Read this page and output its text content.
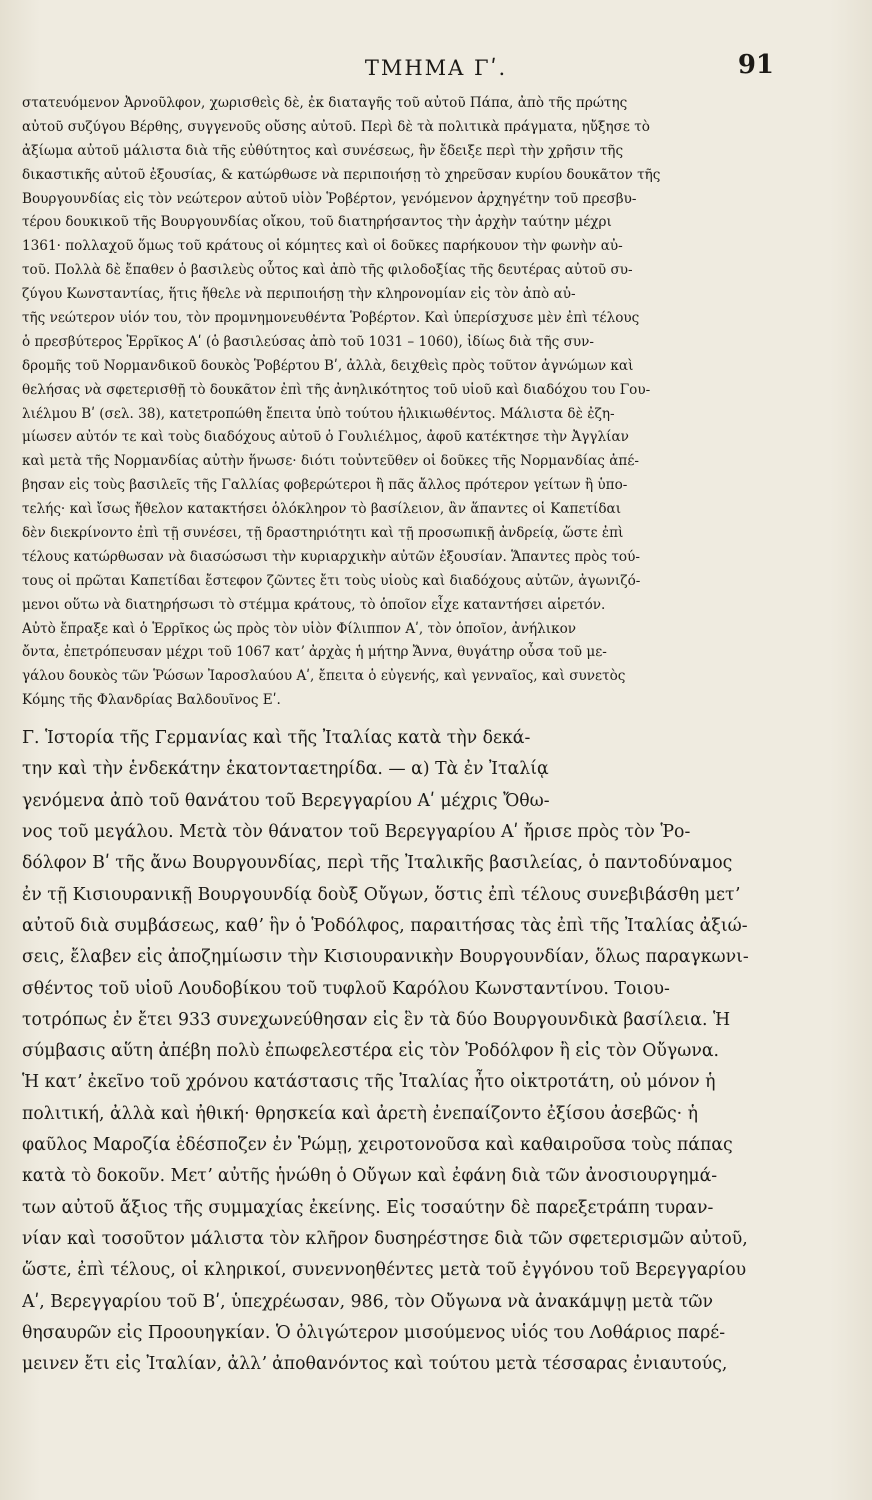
ΤΜΗΜΑ Γʹ.	91
στατευόμενον Ἀρνοῦλφον, χωρισθεὶς δὲ, ἐκ διαταγῆς τοῦ αὐτοῦ Πάπα, ἀπὸ τῆς πρώτης
αὐτοῦ συζύγου Βέρθης, συγγενοῦς οὔσης αὐτοῦ. Περὶ δὲ τὰ πολιτικὰ πράγματα, ηὔξησε τὸ
ἀξίωμα αὐτοῦ μάλιστα διὰ τῆς εὐθύτητος καὶ συνέσεως, ἣν ἔδειξε περὶ τὴν χρῆσιν τῆς
δικαστικῆς αὐτοῦ ἐξουσίας, & κατώρθωσε νὰ περιποιήσῃ τὸ χηρεῦσαν κυρίου δουκᾶτον τῆς
Βουργουνδίας εἰς τὸν νεώτερον αὐτοῦ υἱὸν Ῥοβέρτον, γενόμενον ἀρχηγέτην τοῦ πρεσβυ-
τέρου δουκικοῦ τῆς Βουργουνδίας οἴκου, τοῦ διατηρήσαντος τὴν ἀρχὴν ταύτην μέχρι
1361· πολλαχοῦ ὅμως τοῦ κράτους οἱ κόμητες καὶ οἱ δοῦκες παρήκουον τὴν φωνὴν αὐ-
τοῦ. Πολλὰ δὲ ἔπαθεν ὁ βασιλεὺς οὗτος καὶ ἀπὸ τῆς φιλοδοξίας τῆς δευτέρας αὐτοῦ συ-
ζύγου Κωνσταντίας, ἥτις ἤθελε νὰ περιποιήσῃ τὴν κληρονομίαν εἰς τὸν ἀπὸ αὐ-
τῆς νεώτερον υἱόν του, τὸν προμνημονευθέντα Ῥοβέρτον. Καὶ ὑπερίσχυσε μὲν ἐπὶ τέλους
ὁ πρεσβύτερος Ἑρρῖκος Αʹ (ὁ βασιλεύσας ἀπὸ τοῦ 1031 – 1060), ἰδίως διὰ τῆς συν-
δρομῆς τοῦ Νορμανδικοῦ δουκὸς Ῥοβέρτου Βʹ, ἀλλὰ, δειχθεὶς πρὸς τοῦτον ἀγνώμων καὶ
θελήσας νὰ σφετερισθῇ τὸ δουκᾶτον ἐπὶ τῆς ἀνηλικότητος τοῦ υἱοῦ καὶ διαδόχου του Γου-
λιέλμου Βʹ (σελ. 38), κατετροπώθη ἔπειτα ὑπὸ τούτου ἡλικιωθέντος. Μάλιστα δὲ ἐζη-
μίωσεν αὐτόν τε καὶ τοὺς διαδόχους αὐτοῦ ὁ Γουλιέλμος, ἀφοῦ κατέκτησε τὴν Ἀγγλίαν
καὶ μετὰ τῆς Νορμανδίας αὐτὴν ἥνωσε· διότι τοὐντεῦθεν οἱ δοῦκες τῆς Νορμανδίας ἀπέ-
βησαν εἰς τοὺς βασιλεῖς τῆς Γαλλίας φοβερώτεροι ἢ πᾶς ἄλλος πρότερον γείτων ἢ ὑπο-
τελής· καὶ ἴσως ἤθελον κατακτήσει ὁλόκληρον τὸ βασίλειον, ἂν ἅπαντες οἱ Καπετίδαι
δὲν διεκρίνοντο ἐπὶ τῇ συνέσει, τῇ δραστηριότητι καὶ τῇ προσωπικῇ ἀνδρείᾳ, ὥστε ἐπὶ
τέλους κατώρθωσαν νὰ διασώσωσι τὴν κυριαρχικὴν αὐτῶν ἐξουσίαν. Ἅπαντες πρὸς τού-
τους οἱ πρῶται Καπετίδαι ἔστεφον ζῶντες ἔτι τοὺς υἱοὺς καὶ διαδόχους αὐτῶν, ἀγωνιζό-
μενοι οὕτω νὰ διατηρήσωσι τὸ στέμμα κράτους, τὸ ὁποῖον εἶχε καταντήσει αἱρετόν.
Αὐτὸ ἔπραξε καὶ ὁ Ἑρρῖκος ὡς πρὸς τὸν υἱὸν Φίλιππον Αʹ, τὸν ὁποῖον, ἀνήλικον
ὄντα, ἐπετρόπευσαν μέχρι τοῦ 1067 κατʼ ἀρχὰς ἡ μήτηρ Ἄννα, θυγάτηρ οὖσα τοῦ με-
γάλου δουκὸς τῶν Ῥώσων Ἰαροσλαύου Αʹ, ἔπειτα ὁ εὐγενής, καὶ γενναῖος, καὶ συνετὸς
Κόμης τῆς Φλανδρίας Βαλδουῖνος Εʹ.
Γ. Ἱστορία τῆς Γερμανίας καὶ τῆς Ἰταλίας κατὰ τὴν δεκά-
την καὶ τὴν ἑνδεκάτην ἑκατονταετηρίδα. — α) Τὰ ἐν Ἰταλίᾳ
γενόμενα ἀπὸ τοῦ θανάτου τοῦ Βερεγγαρίου Αʹ μέχρις Ὄθω-
νος τοῦ μεγάλου. Μετὰ τὸν θάνατον τοῦ Βερεγγαρίου Αʹ ἤρισε πρὸς τὸν Ῥο-
δόλφον Βʹ τῆς ἄνω Βουργουνδίας, περὶ τῆς Ἰταλικῆς βασιλείας, ὁ παντοδύναμος
ἐν τῇ Κισιουρανικῇ Βουργουνδίᾳ δοὺξ Οὔγων, ὅστις ἐπὶ τέλους συνεβιβάσθη μετʼ
αὐτοῦ διὰ συμβάσεως, καθʼ ἣν ὁ Ῥοδόλφος, παραιτήσας τὰς ἐπὶ τῆς Ἰταλίας ἀξιώ-
σεις, ἔλαβεν εἰς ἀποζημίωσιν τὴν Κισιουρανικὴν Βουργουνδίαν, ὅλως παραγκωνι-
σθέντος τοῦ υἱοῦ Λουδοβίκου τοῦ τυφλοῦ Καρόλου Κωνσταντίνου. Τοιου-
τοτρόπως ἐν ἔτει 933 συνεχωνεύθησαν εἰς ἓν τὰ δύο Βουργουνδικὰ βασίλεια. Ἡ
σύμβασις αὕτη ἀπέβη πολὺ ἐπωφελεστέρα εἰς τὸν Ῥοδόλφον ἢ εἰς τὸν Οὔγωνα.
Ἡ κατʼ ἐκεῖνο τοῦ χρόνου κατάστασις τῆς Ἰταλίας ἦτο οἰκτροτάτη, οὐ μόνον ἡ
πολιτική, ἀλλὰ καὶ ἠθική· θρησκεία καὶ ἀρετὴ ἐνεπαίζοντο ἐξίσου ἀσεβῶς· ἡ
φαῦλος Μαροζία ἐδέσποζεν ἐν Ῥώμῃ, χειροτονοῦσα καὶ καθαιροῦσα τοὺς πάπας
κατὰ τὸ δοκοῦν. Μετʼ αὐτῆς ἡνώθη ὁ Οὔγων καὶ ἐφάνη διὰ τῶν ἀνοσιουργημά-
των αὐτοῦ ἄξιος τῆς συμμαχίας ἐκείνης. Εἰς τοσαύτην δὲ παρεξετράπη τυραν-
νίαν καὶ τοσοῦτον μάλιστα τὸν κλῆρον δυσηρέστησε διὰ τῶν σφετερισμῶν αὐτοῦ,
ὥστε, ἐπὶ τέλους, οἱ κληρικοί, συνεννοηθέντες μετὰ τοῦ ἐγγόνου τοῦ Βερεγγαρίου
Αʹ, Βερεγγαρίου τοῦ Βʹ, ὑπεχρέωσαν, 986, τὸν Οὔγωνα νὰ ἀνακάμψῃ μετὰ τῶν
θησαυρῶν εἰς Προουηγκίαν. Ὁ ὀλιγώτερον μισούμενος υἱός του Λοθάριος παρέ-
μεινεν ἔτι εἰς Ἰταλίαν, ἀλλʼ ἀποθανόντος καὶ τούτου μετὰ τέσσαρας ἐνιαυτούς,
